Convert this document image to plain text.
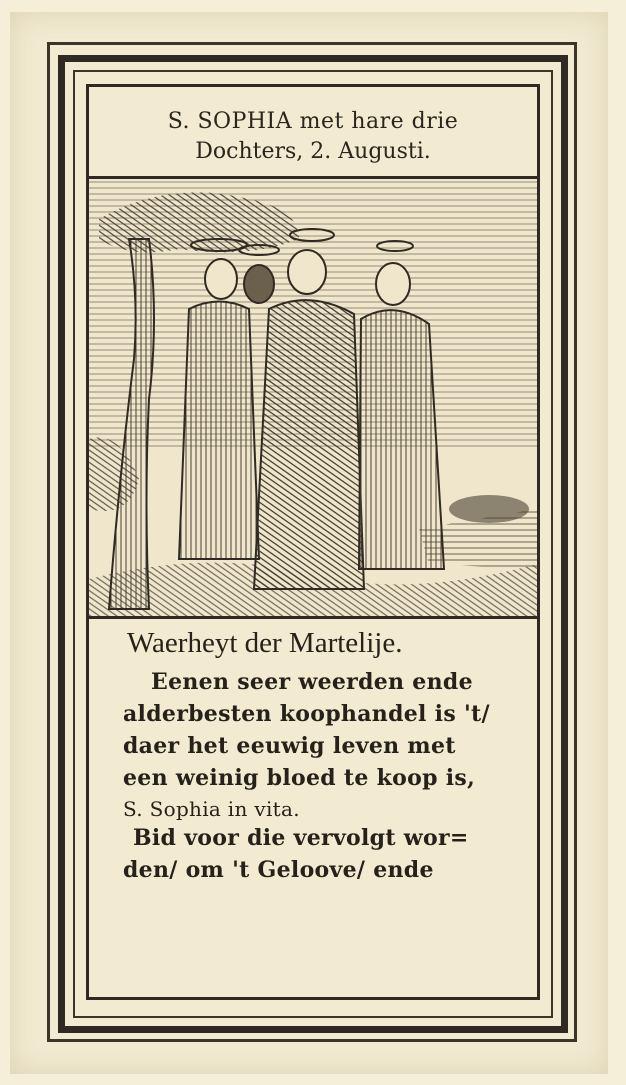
S. SOPHIA met hare drie
Dochters, 2. Augusti.
Waerheyt der Martelije.
Eenen seer weerden ende
alderbesten koophandel is 't/
daer het eeuwig leven met
een weinig bloed te koop is,
S. Sophia in vita.
Bid voor die vervolgt wor=
den/ om 't Geloove/ ende
